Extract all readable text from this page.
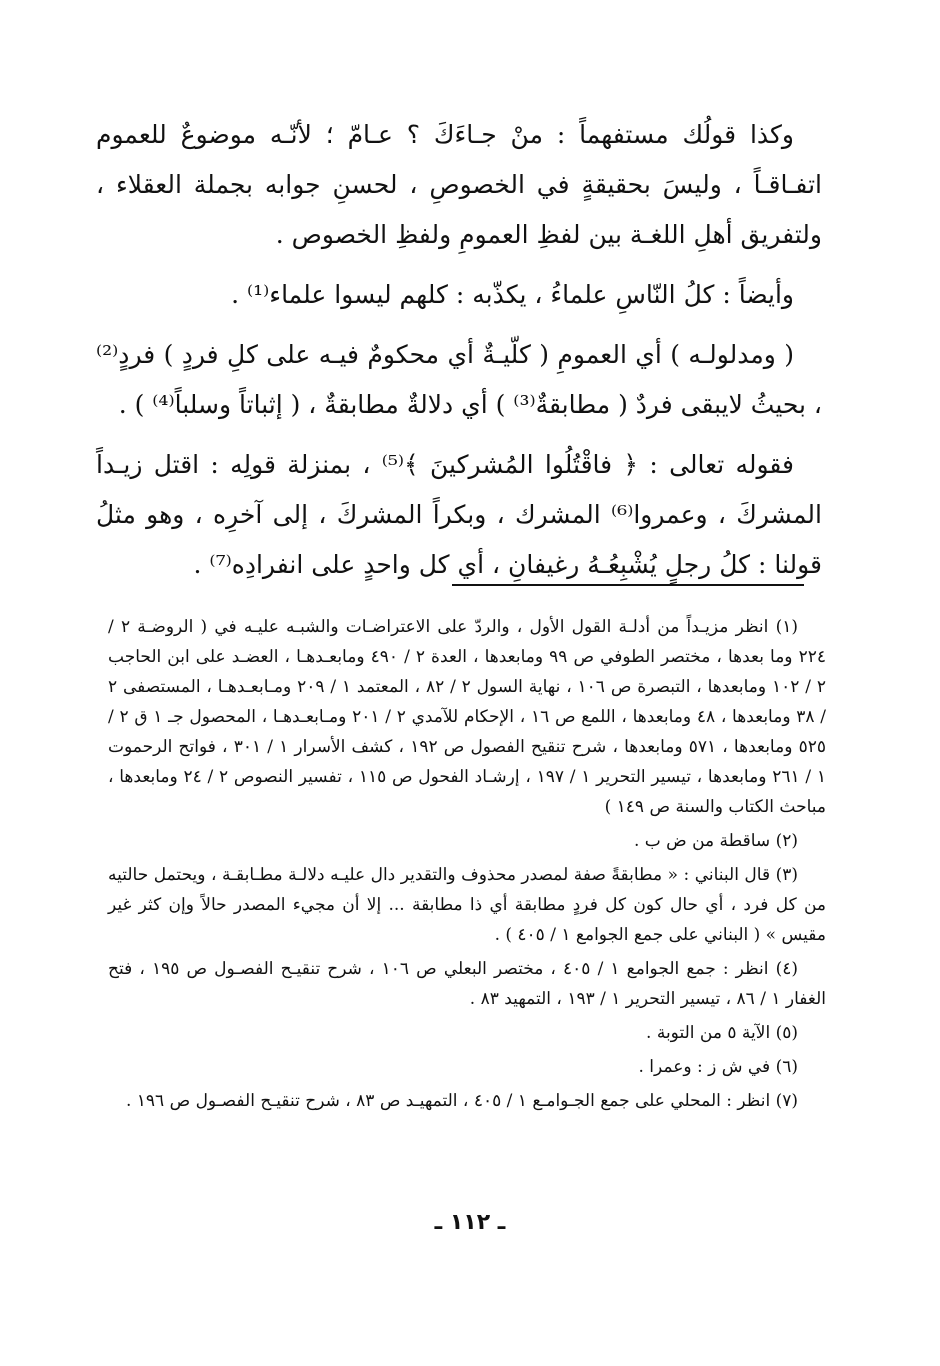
وكذا قولُك مستفهماً : منْ جـاءَكَ ؟ عـامّ ؛ لأنّـه موضوعٌ للعموم اتفـاقـاً ، وليسَ بحقيقةٍ في الخصوصِ ، لحسنِ جوابه بجملة العقلاء ، ولتفريق أهلِ اللغـة بين لفظِ العمومِ ولفظِ الخصوص .

وأيضاً : كلُ النّاسِ علماءُ ، يكذّبه : كلهم ليسوا علماء⁽¹⁾ .

( ومدلولـه ) أي العمومِ ( كلّيـةٌ أي محكومٌ فيـه على كلِ فردٍ ) فردٍ⁽²⁾ ، بحيثُ لايبقى فردٌ ( مطابقةٌ⁽³⁾ ) أي دلالةٌ مطابقةٌ ، ( إثباتاً وسلباً⁽⁴⁾ ) .

فقوله تعالى : ﴿ فاقْتُلُوا المُشركينَ ﴾⁽⁵⁾ ، بمنزلة قولِه : اقتل زيـداً المشركَ ، وعمروا⁽⁶⁾ المشرك ، وبكراً المشركَ ، إلى آخرِه ، وهو مثلُ قولنا : كلُ رجلٍ يُشْبِعُـهُ رغيفانِ ، أي كل واحدٍ على انفرادِه⁽⁷⁾ .

(١) انظر مزيـداً من أدلـة القول الأول ، والردّ على الاعتراضـات والشبـه عليـه في ( الروضـة ٢ / ٢٢٤ وما بعدها ، مختصر الطوفي ص ٩٩ ومابعدها ، العدة ٢ / ٤٩٠ ومابعـدهـا ، العضـد على ابن الحاجب ٢ / ١٠٢ ومابعدها ، التبصرة ص ١٠٦ ، نهاية السول ٢ / ٨٢ ، المعتمد ١ / ٢٠٩ ومـابعـدهـا ، المستصفى ٢ / ٣٨ ومابعدها ، ٤٨ ومابعدها ، اللمع ص ١٦ ، الإحكام للآمدي ٢ / ٢٠١ ومـابعـدهـا ، المحصول جـ ١ ق ٢ / ٥٢٥ ومابعدها ، ٥٧١ ومابعدها ، شرح تنقيح الفصول ص ١٩٢ ، كشف الأسرار ١ / ٣٠١ ، فواتح الرحموت ١ / ٢٦١ ومابعدها ، تيسير التحرير ١ / ١٩٧ ، إرشـاد الفحول ص ١١٥ ، تفسير النصوص ٢ / ٢٤ ومابعدها ، مباحث الكتاب والسنة ص ١٤٩ )

(٢) ساقطة من ض ب .

(٣) قال البناني : « مطابقةً صفة لمصدر محذوف والتقدير دال عليـه دلالـة مطـابقـة ، ويحتمل حالتيه من كل فرد ، أي حال كون كل فردٍ مطابقة أي ذا مطابقة ... إلا أن مجيء المصدر حالاً وإن كثر غير مقيس » ( البناني على جمع الجوامع ١ / ٤٠٥ ) .

(٤) انظر : جمع الجوامع ١ / ٤٠٥ ، مختصر البعلي ص ١٠٦ ، شرح تنقيـح الفصـول ص ١٩٥ ، فتح الغفار ١ / ٨٦ ، تيسير التحرير ١ / ١٩٣ ، التمهيد ٨٣ .

(٥) الآية ٥ من التوبة .

(٦) في ش ز : وعمرا .

(٧) انظر : المحلي على جمع الجـوامـع ١ / ٤٠٥ ، التمهيـد ص ٨٣ ، شرح تنقيـح الفصـول ص ١٩٦ .

ـ ١١٢ ـ
